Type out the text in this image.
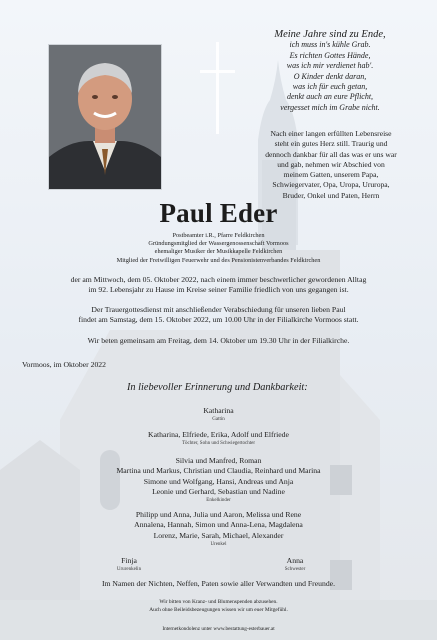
Meine Jahre sind zu Ende,
ich muss in's kühle Grab.
Es richten Gottes Hände,
was ich mir verdienet hab'.
O Kinder denkt daran,
was ich für euch getan,
denkt auch an eure Pflicht,
vergesset mich im Grabe nicht.
Nach einer langen erfüllten Lebensreise
steht ein gutes Herz still. Traurig und
dennoch dankbar für all das was er uns war
und gab, nehmen wir Abschied von
meinem Gatten, unserem Papa,
Schwiegervater, Opa, Uropa, Ururopa,
Bruder, Onkel und Paten, Herrn
Paul Eder
Postbeamter i.R., Pfarre Feldkirchen
Gründungsmitglied der Wassergenossenschaft Vormoos
ehemaliger Musiker der Musikkapelle Feldkirchen
Mitglied der Freiwilligen Feuerwehr und des Pensionistenverbandes Feldkirchen
der am Mittwoch, dem 05. Oktober 2022, nach einem immer beschwerlicher gewordenen Alltag
im 92. Lebensjahr zu Hause im Kreise seiner Familie friedlich von uns gegangen ist.
Der Trauergottesdienst mit anschließender Verabschiedung für unseren lieben Paul
findet am Samstag, dem 15. Oktober 2022, um 10.00 Uhr in der Filialkirche Vormoos statt.
Wir beten gemeinsam am Freitag, dem 14. Oktober um 19.30 Uhr in der Filialkirche.
Vormoos, im Oktober 2022
In liebevoller Erinnerung und Dankbarkeit:
Katharina
Gattin
Katharina, Elfriede, Erika, Adolf und Elfriede
Töchter, Sohn und Schwiegertochter
Silvia und Manfred, Roman
Martina und Markus, Christian und Claudia, Reinhard und Marina
Simone und Wolfgang, Hansi, Andreas und Anja
Leonie und Gerhard, Sebastian und Nadine
Enkelkinder
Philipp und Anna, Julia und Aaron, Melissa und Rene
Annalena, Hannah, Simon und Anna-Lena, Magdalena
Lorenz, Marie, Sarah, Michael, Alexander
Urenkel
Finja
Ururenkelin
Anna
Schwester
Im Namen der Nichten, Neffen, Paten sowie aller Verwandten und Freunde.
Wir bitten von Kranz- und Blumenspenden abzusehen.
Auch ohne Beileidsbezeugungen wissen wir um euer Mitgefühl.
Internetkondolenz unter www.bestattung-esterbauer.at
